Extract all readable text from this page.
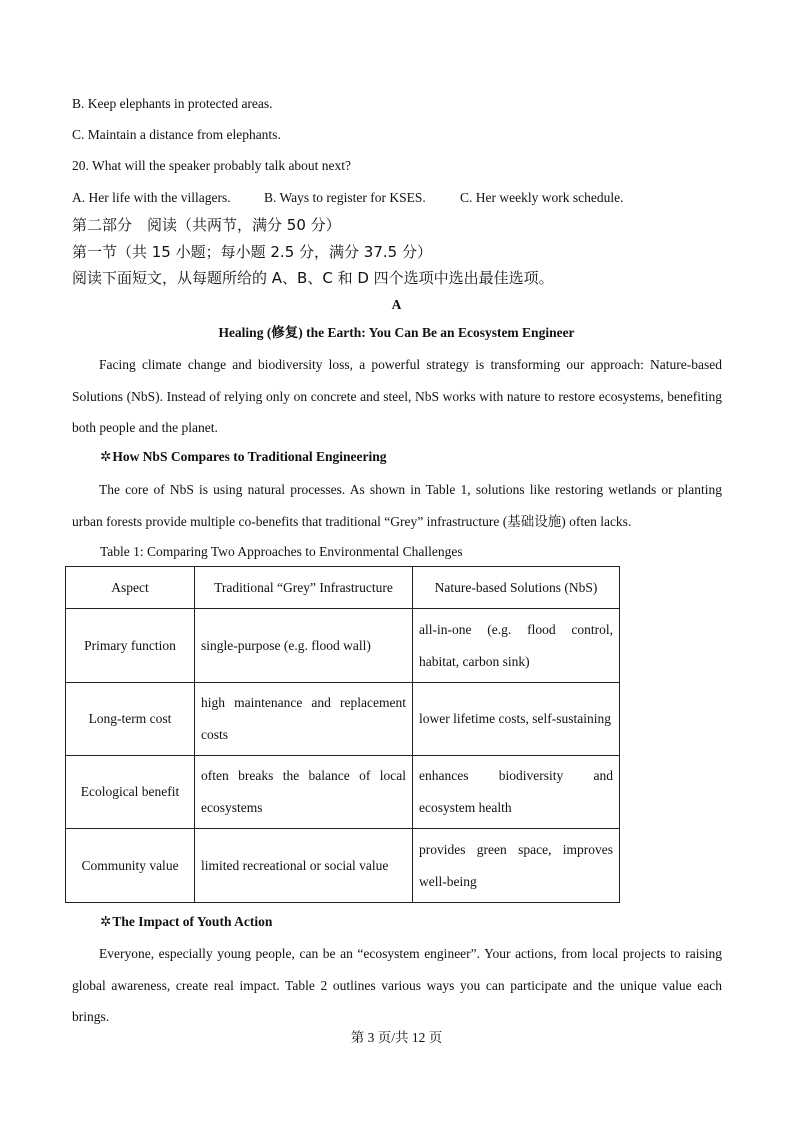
B. Keep elephants in protected areas.
C. Maintain a distance from elephants.
20. What will the speaker probably talk about next?
A. Her life with the villagers. B. Ways to register for KSES.	C. Her weekly work schedule.
第二部分　阅读（共两节，满分 50 分）
第一节（共 15 小题；每小题 2.5 分，满分 37.5 分）
阅读下面短文，从每题所给的 A、B、C 和 D 四个选项中选出最佳选项。
A
Healing (修复) the Earth: You Can Be an Ecosystem Engineer
Facing climate change and biodiversity loss, a powerful strategy is transforming our approach: Nature-based Solutions (NbS). Instead of relying only on concrete and steel, NbS works with nature to restore ecosystems, benefiting both people and the planet.
✲How NbS Compares to Traditional Engineering
The core of NbS is using natural processes. As shown in Table 1, solutions like restoring wetlands or planting urban forests provide multiple co-benefits that traditional “Grey” infrastructure (基础设施) often lacks.
Table 1: Comparing Two Approaches to Environmental Challenges
Aspect	Traditional “Grey” Infrastructure	Nature-based Solutions (NbS)
Primary function	single-purpose (e.g. flood wall)	all-in-one (e.g. flood control, habitat, carbon sink)
Long-term cost	high maintenance and replacement costs	lower lifetime costs, self-sustaining
Ecological benefit	often breaks the balance of local ecosystems	enhances biodiversity and ecosystem health
Community value	limited recreational or social value	provides green space, improves well-being
✲The Impact of Youth Action
Everyone, especially young people, can be an “ecosystem engineer”. Your actions, from local projects to raising global awareness, create real impact. Table 2 outlines various ways you can participate and the unique value each brings.
第 3 页/共 12 页
